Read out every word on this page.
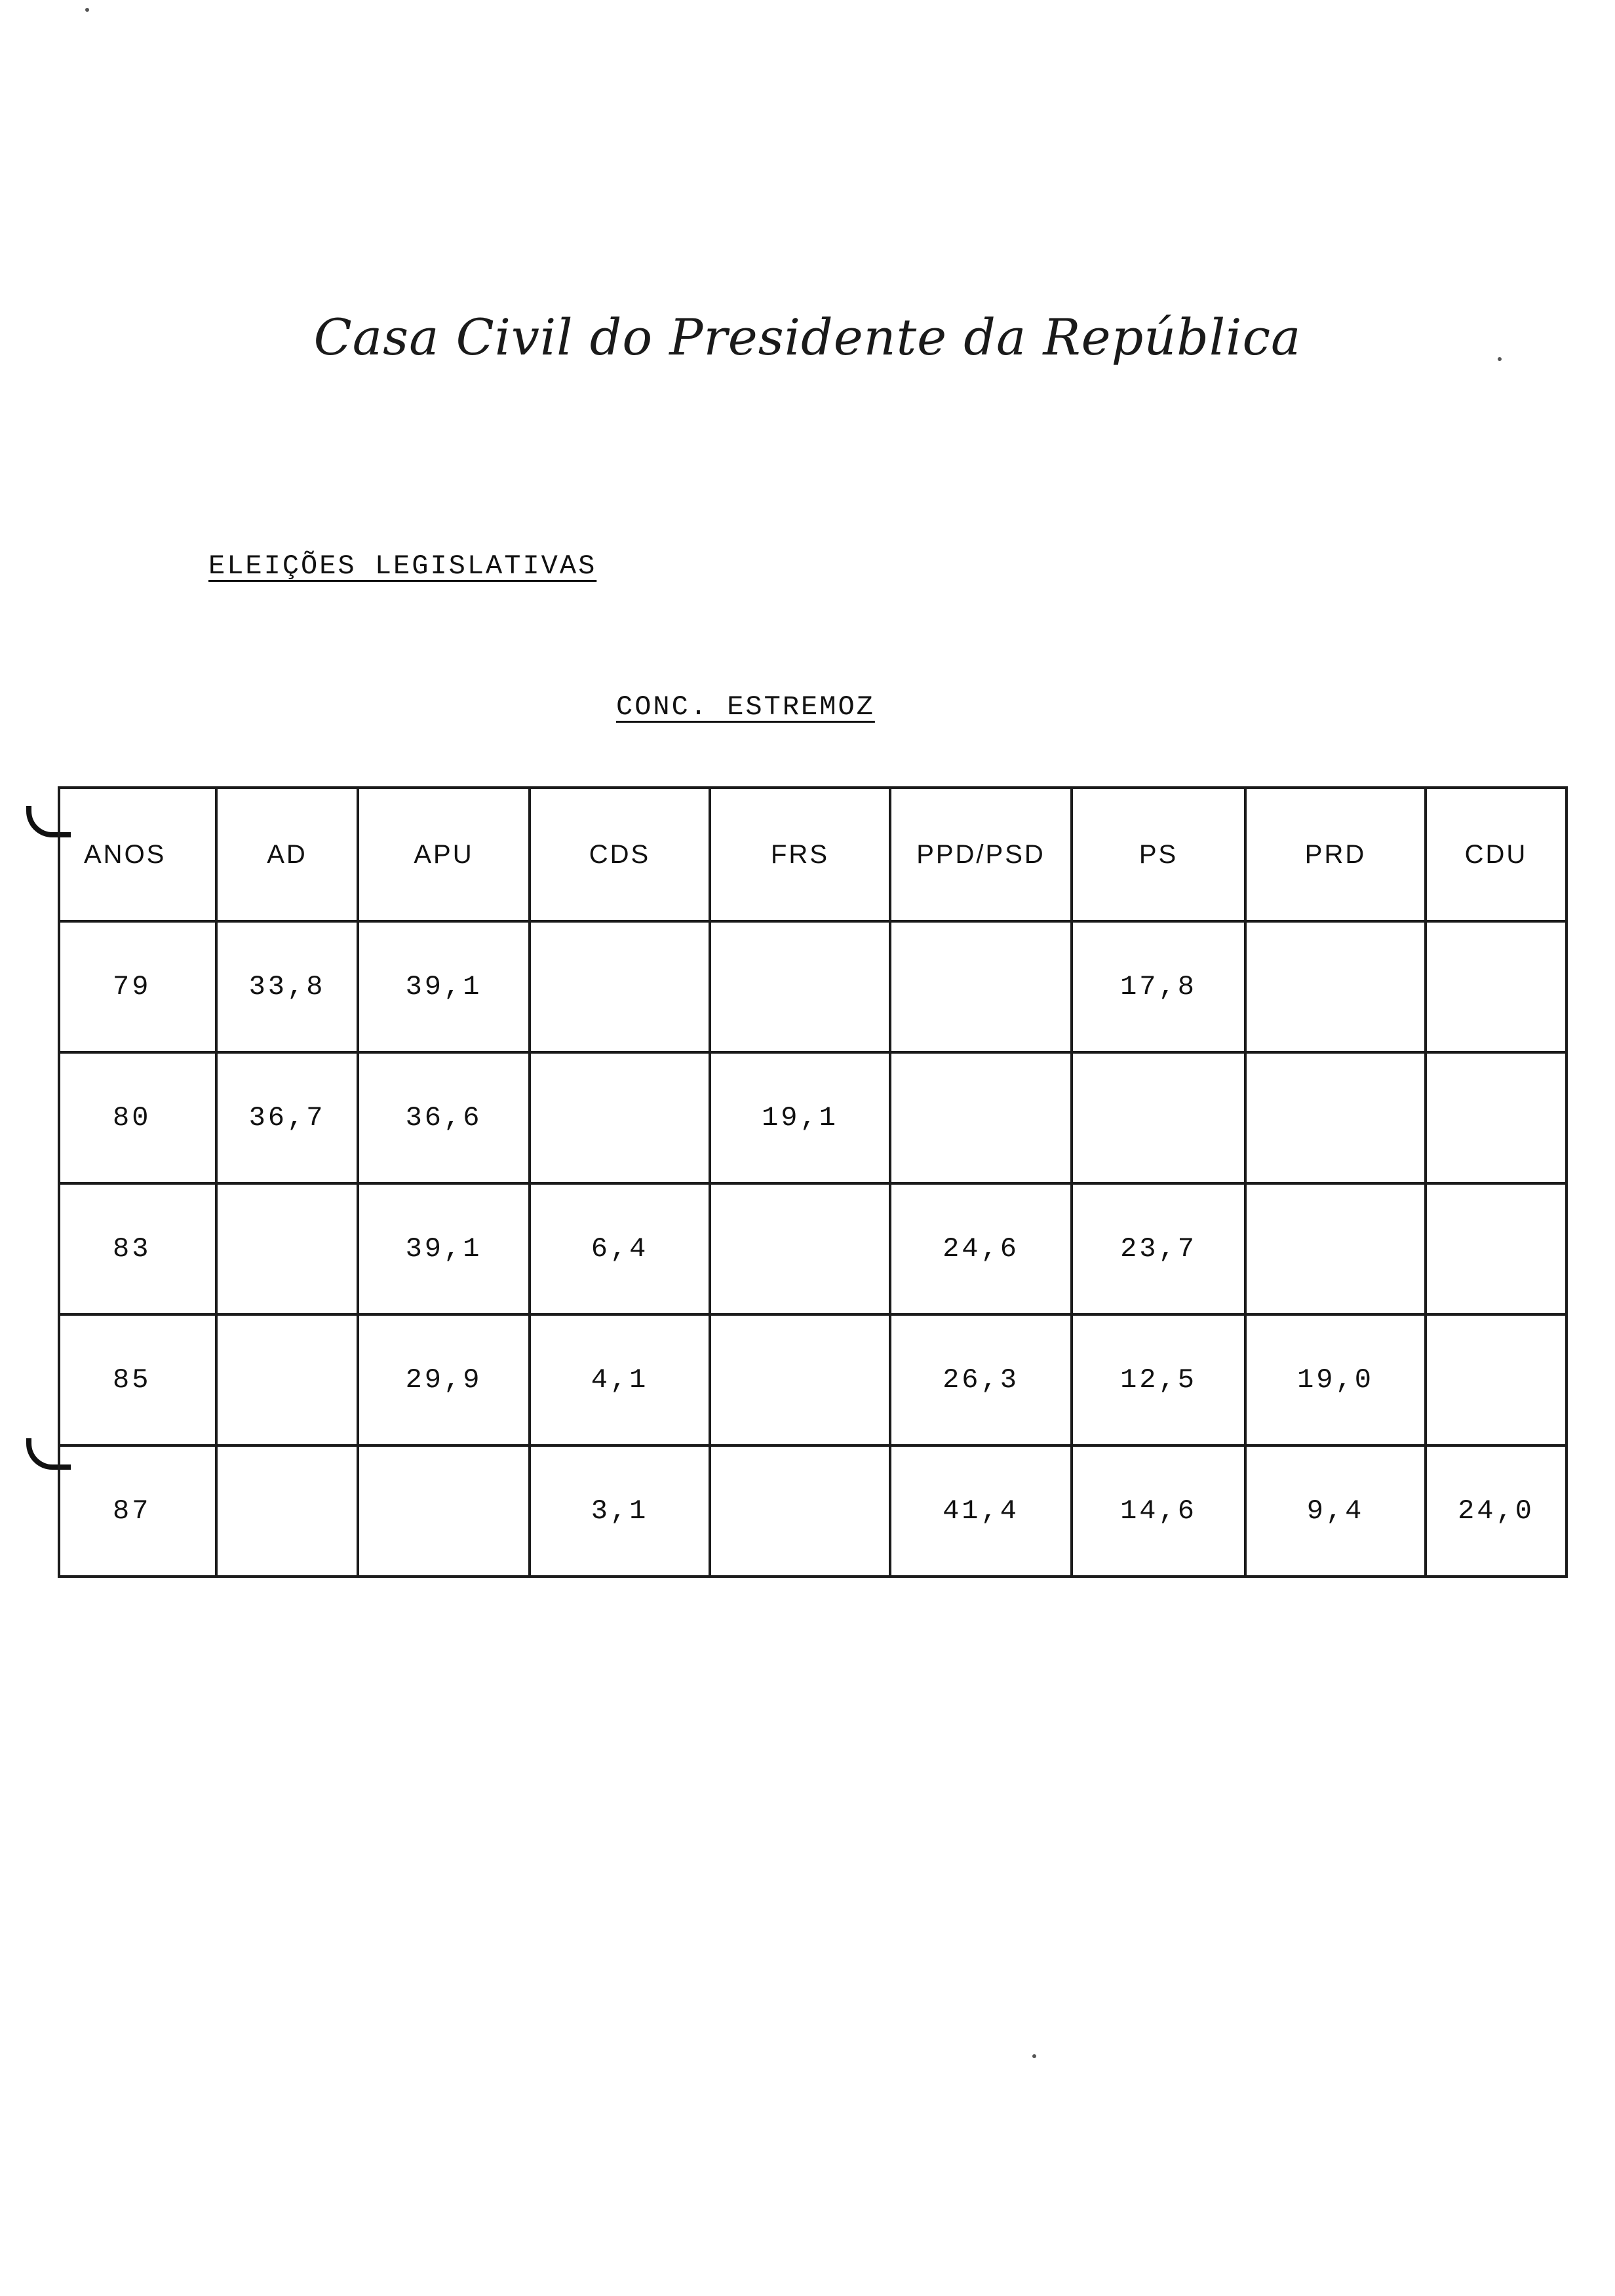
Casa Civil do Presidente da República
ELEIÇÕES LEGISLATIVAS
CONC. ESTREMOZ
ANOS	AD	APU	CDS	FRS	PPD/PSD	PS	PRD	CDU
79	33,8	39,1				17,8		
80	36,7	36,6		19,1				
83		39,1	6,4		24,6	23,7		
85		29,9	4,1		26,3	12,5	19,0	
87			3,1		41,4	14,6	9,4	24,0
